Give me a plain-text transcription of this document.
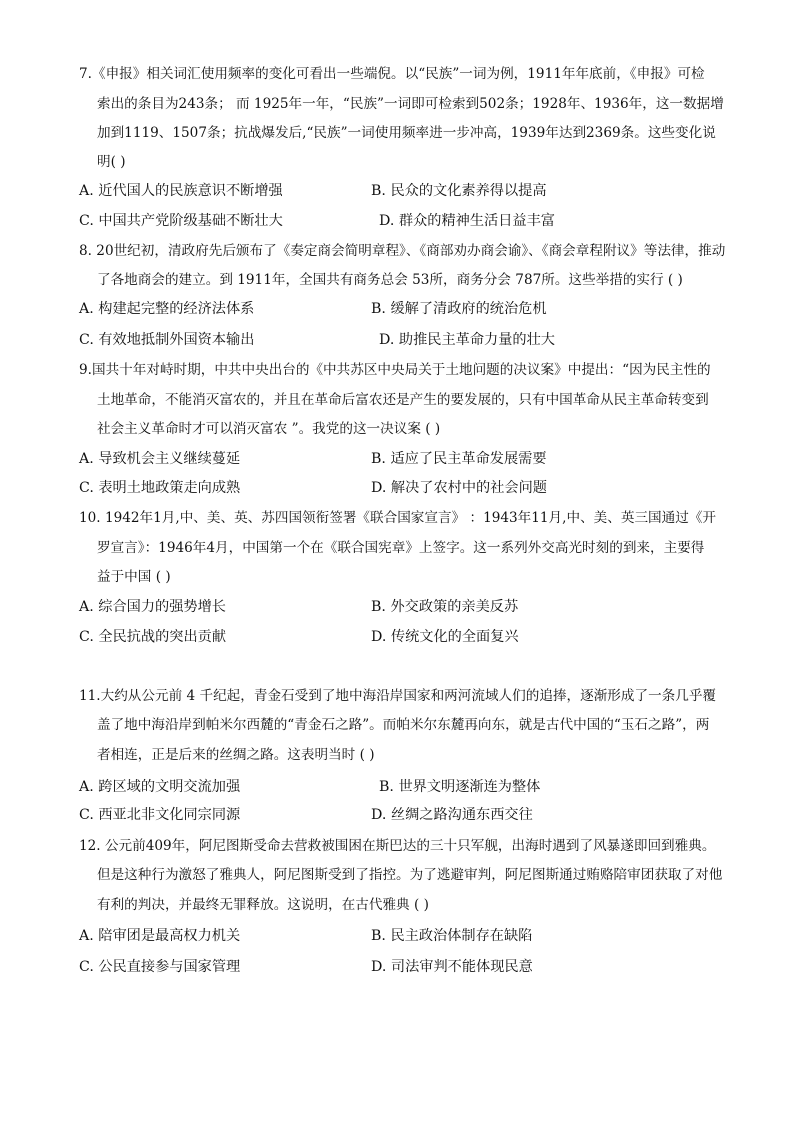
7.《申报》相关词汇使用频率的变化可看出一些端倪。以“民族”一词为例，1911年年底前，《申报》可检
索出的条目为243条； 而 1925年一年，“民族”一词即可检索到502条；1928年、1936年，这一数据增
加到1119、1507条；抗战爆发后,“民族”一词使用频率进一步冲高，1939年达到2369条。这些变化说
明( )
A. 近代国人的民族意识不断增强	B. 民众的文化素养得以提高
C. 中国共产党阶级基础不断壮大	D. 群众的精神生活日益丰富
8. 20世纪初，清政府先后颁布了《奏定商会简明章程》、《商部劝办商会谕》、《商会章程附议》等法律，推动
了各地商会的建立。到 1911年，全国共有商务总会 53所，商务分会 787所。这些举措的实行 ( )
A. 构建起完整的经济法体系	B. 缓解了清政府的统治危机
C. 有效地抵制外国资本输出	D. 助推民主革命力量的壮大
9.国共十年对峙时期，中共中央出台的《中共苏区中央局关于土地问题的决议案》中提出：“因为民主性的
土地革命，不能消灭富农的，并且在革命后富农还是产生的要发展的，只有中国革命从民主革命转变到
社会主义革命时才可以消灭富农 ”。我党的这一决议案 ( )
A. 导致机会主义继续蔓延	B. 适应了民主革命发展需要
C. 表明土地政策走向成熟	D. 解决了农村中的社会问题
10. 1942年1月,中、美、英、苏四国领衔签署《联合国家宣言》 ：1943年11月,中、美、英三国通过《开
罗宣言》：1946年4月，中国第一个在《联合国宪章》上签字。这一系列外交高光时刻的到来，主要得
益于中国 ( )
A. 综合国力的强势增长	B. 外交政策的亲美反苏
C. 全民抗战的突出贡献	D. 传统文化的全面复兴
11.大约从公元前 4 千纪起，青金石受到了地中海沿岸国家和两河流域人们的追捧，逐渐形成了一条几乎覆
盖了地中海沿岸到帕米尔西麓的“青金石之路”。而帕米尔东麓再向东，就是古代中国的“玉石之路”，两
者相连，正是后来的丝绸之路。这表明当时 ( )
A. 跨区域的文明交流加强	B. 世界文明逐渐连为整体
C. 西亚北非文化同宗同源	D. 丝绸之路沟通东西交往
12. 公元前409年，阿尼图斯受命去营救被围困在斯巴达的三十只军舰，出海时遇到了风暴遂即回到雅典。
但是这种行为激怒了雅典人，阿尼图斯受到了指控。为了逃避审判，阿尼图斯通过贿赂陪审团获取了对他
有利的判决，并最终无罪释放。这说明，在古代雅典 ( )
A. 陪审团是最高权力机关	B. 民主政治体制存在缺陷
C. 公民直接参与国家管理	D. 司法审判不能体现民意
